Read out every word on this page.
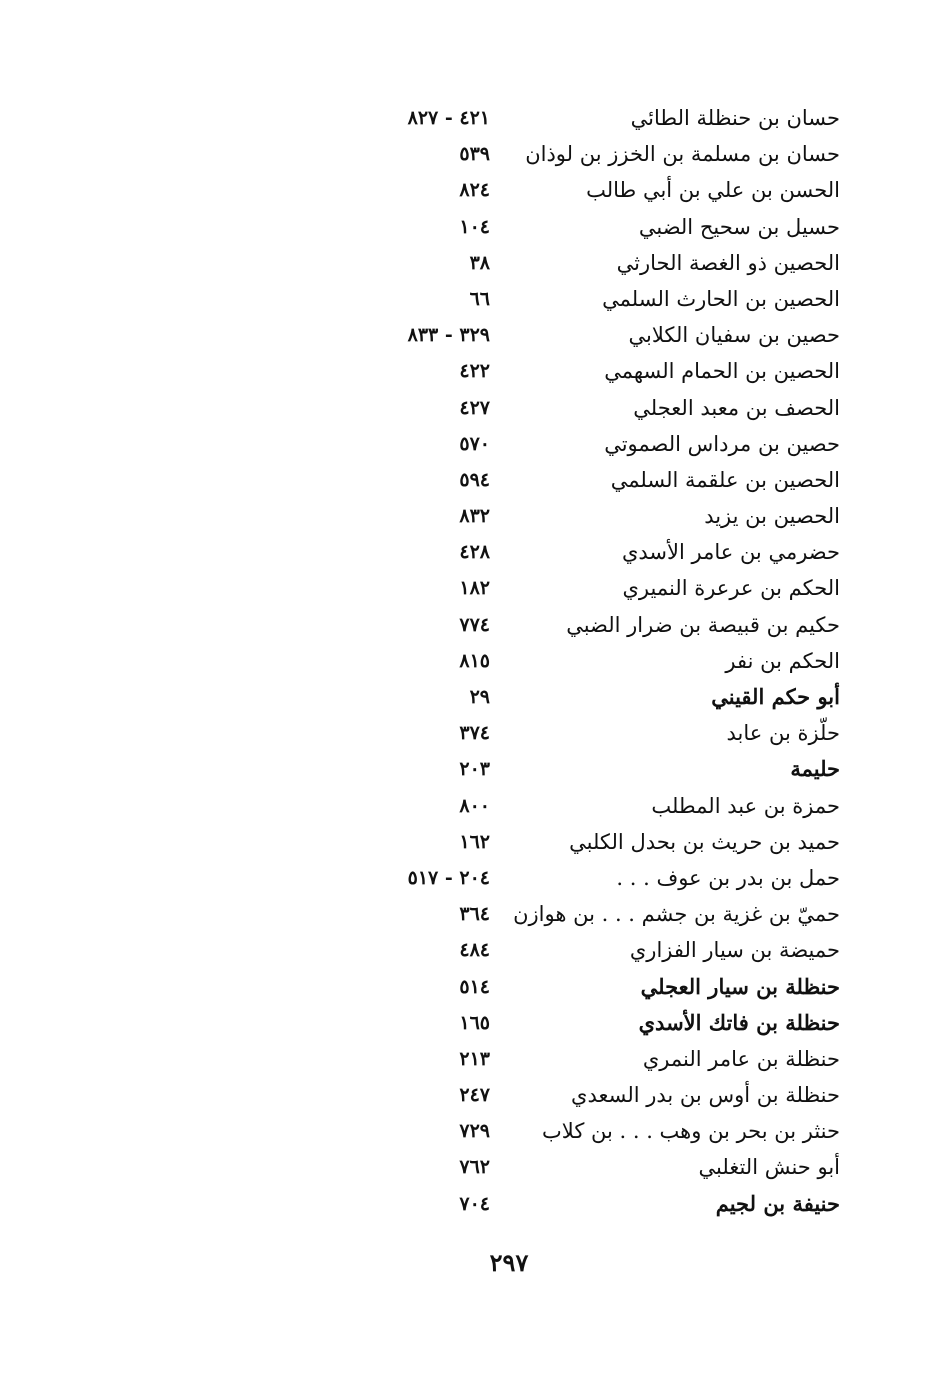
حسان بن حنظلة الطائي
٤٢١ - ٨٢٧
حسان بن مسلمة بن الخزز بن لوذان
٥٣٩
الحسن بن علي بن أبي طالب
٨٢٤
حسيل بن سحيح الضبي
١٠٤
الحصين ذو الغصة الحارثي
٣٨
الحصين بن الحارث السلمي
٦٦
حصين بن سفيان الكلابي
٣٢٩ - ٨٣٣
الحصين بن الحمام السهمي
٤٢٢
الحصف بن معبد العجلي
٤٢٧
حصين بن مرداس الصموتي
٥٧٠
الحصين بن علقمة السلمي
٥٩٤
الحصين بن يزيد
٨٣٢
حضرمي بن عامر الأسدي
٤٢٨
الحكم بن عرعرة النميري
١٨٢
حكيم بن قبيصة بن ضرار الضبي
٧٧٤
الحكم بن نفر
٨١٥
أبو حكم القيني
٢٩
حلّزة بن عابد
٣٧٤
حليمة
٢٠٣
حمزة بن عبد المطلب
٨٠٠
حميد بن حريث بن بحدل الكلبي
١٦٢
حمل بن بدر بن عوف . . .
٢٠٤ - ٥١٧
حميّ بن غزية بن جشم . . . بن هوازن
٣٦٤
حميضة بن سيار الفزاري
٤٨٤
حنظلة بن سيار العجلي
٥١٤
حنظلة بن فاتك الأسدي
١٦٥
حنظلة بن عامر النمري
٢١٣
حنظلة بن أوس بن بدر السعدي
٢٤٧
حنثر بن بحر بن وهب . . . بن كلاب
٧٢٩
أبو حنش التغلبي
٧٦٢
حنيفة بن لجيم
٧٠٤
٢٩٧
